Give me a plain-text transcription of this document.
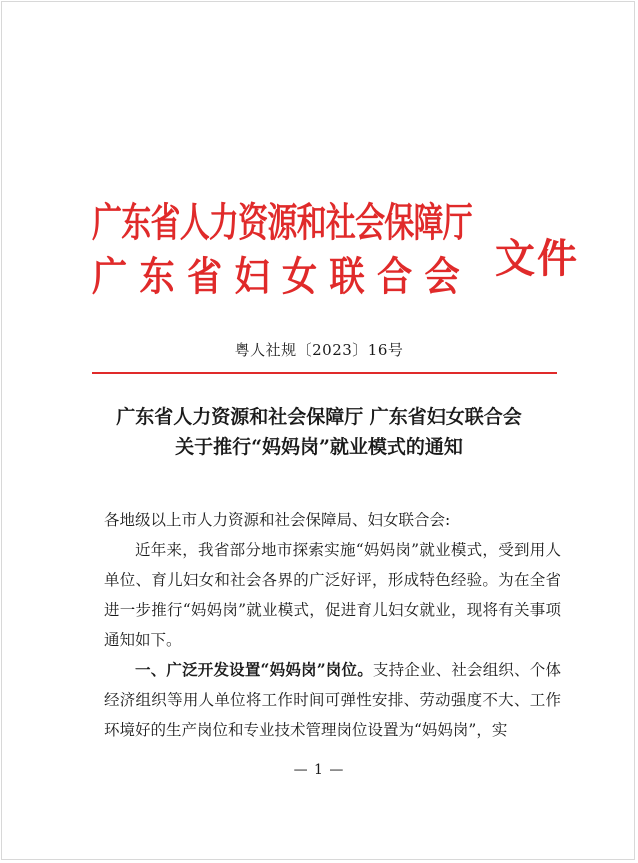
广东省人力资源和社会保障厅
广东省妇女联合会 文件
粤人社规〔2023〕16号
广东省人力资源和社会保障厅 广东省妇女联合会
关于推行“妈妈岗”就业模式的通知

各地级以上市人力资源和社会保障局、妇女联合会:

近年来，我省部分地市探索实施“妈妈岗”就业模式，受到用人单位、育儿妇女和社会各界的广泛好评，形成特色经验。为在全省进一步推行“妈妈岗”就业模式，促进育儿妇女就业，现将有关事项通知如下。

一、广泛开发设置“妈妈岗”岗位。支持企业、社会组织、个体经济组织等用人单位将工作时间可弹性安排、劳动强度不大、工作环境好的生产岗位和专业技术管理岗位设置为“妈妈岗”，实

— 1 —
